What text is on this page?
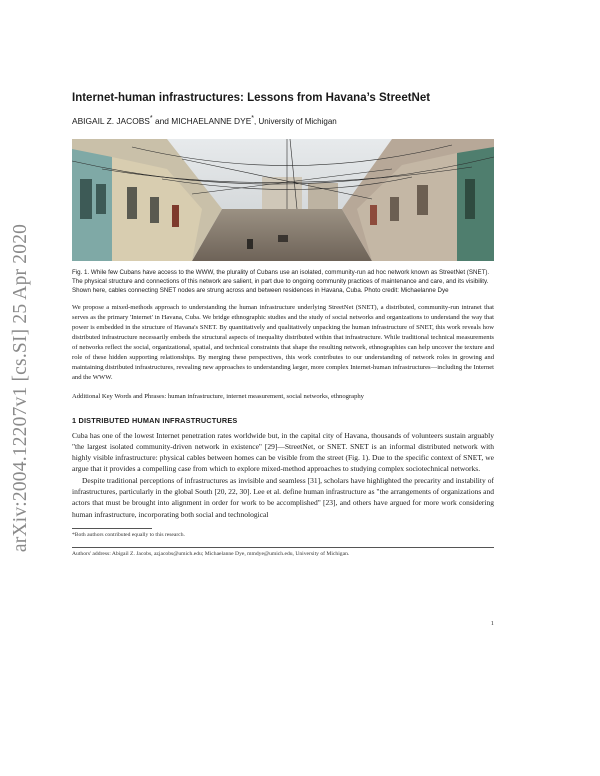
arXiv:2004.12207v1 [cs.SI] 25 Apr 2020
Internet-human infrastructures: Lessons from Havana’s StreetNet
ABIGAIL Z. JACOBS* and MICHAELANNE DYE*, University of Michigan
Fig. 1. While few Cubans have access to the WWW, the plurality of Cubans use an isolated, community-run ad hoc network known as StreetNet (SNET). The physical structure and connections of this network are salient, in part due to ongoing community practices of maintenance and care, and its visibility. Shown here, cables connecting SNET nodes are strung across and between residences in Havana, Cuba. Photo credit: Michaelanne Dye

We propose a mixed-methods approach to understanding the human infrastructure underlying StreetNet (SNET), a distributed, community-run intranet that serves as the primary 'Internet' in Havana, Cuba. We bridge ethnographic studies and the study of social networks and organizations to understand the way that power is embedded in the structure of Havana's SNET. By quantitatively and qualitatively unpacking the human infrastructure of SNET, this work reveals how distributed infrastructure necessarily embeds the structural aspects of inequality distributed within that infrastructure. While traditional technical measurements of networks reflect the social, organizational, spatial, and technical constraints that shape the resulting network, ethnographies can help uncover the texture and role of these hidden supporting relationships. By merging these perspectives, this work contributes to our understanding of network roles in growing and maintaining distributed infrastructures, revealing new approaches to understanding larger, more complex Internet-human infrastructures—including the Internet and the WWW.

Additional Key Words and Phrases: human infrastructure, internet measurement, social networks, ethnography
1 DISTRIBUTED HUMAN INFRASTRUCTURES

Cuba has one of the lowest Internet penetration rates worldwide but, in the capital city of Havana, thousands of volunteers sustain arguably "the largest isolated community-driven network in existence" [29]—StreetNet, or SNET. SNET is an informal distributed network with highly visible infrastructure: physical cables between homes can be visible from the street (Fig. 1). Due to the specific context of SNET, we argue that it provides a compelling case from which to explore mixed-method approaches to studying complex sociotechnical networks.

Despite traditional perceptions of infrastructures as invisible and seamless [31], scholars have highlighted the precarity and instability of infrastructures, particularly in the global South [20, 22, 30]. Lee et al. define human infrastructure as "the arrangements of organizations and actors that must be brought into alignment in order for work to be accomplished" [23], and others have argued for more work considering human infrastructure, incorporating both social and technological

*Both authors contributed equally to this research.
Authors' address: Abigail Z. Jacobs, azjacobs@umich.edu; Michaelanne Dye, mmdye@umich.edu, University of Michigan.
1
